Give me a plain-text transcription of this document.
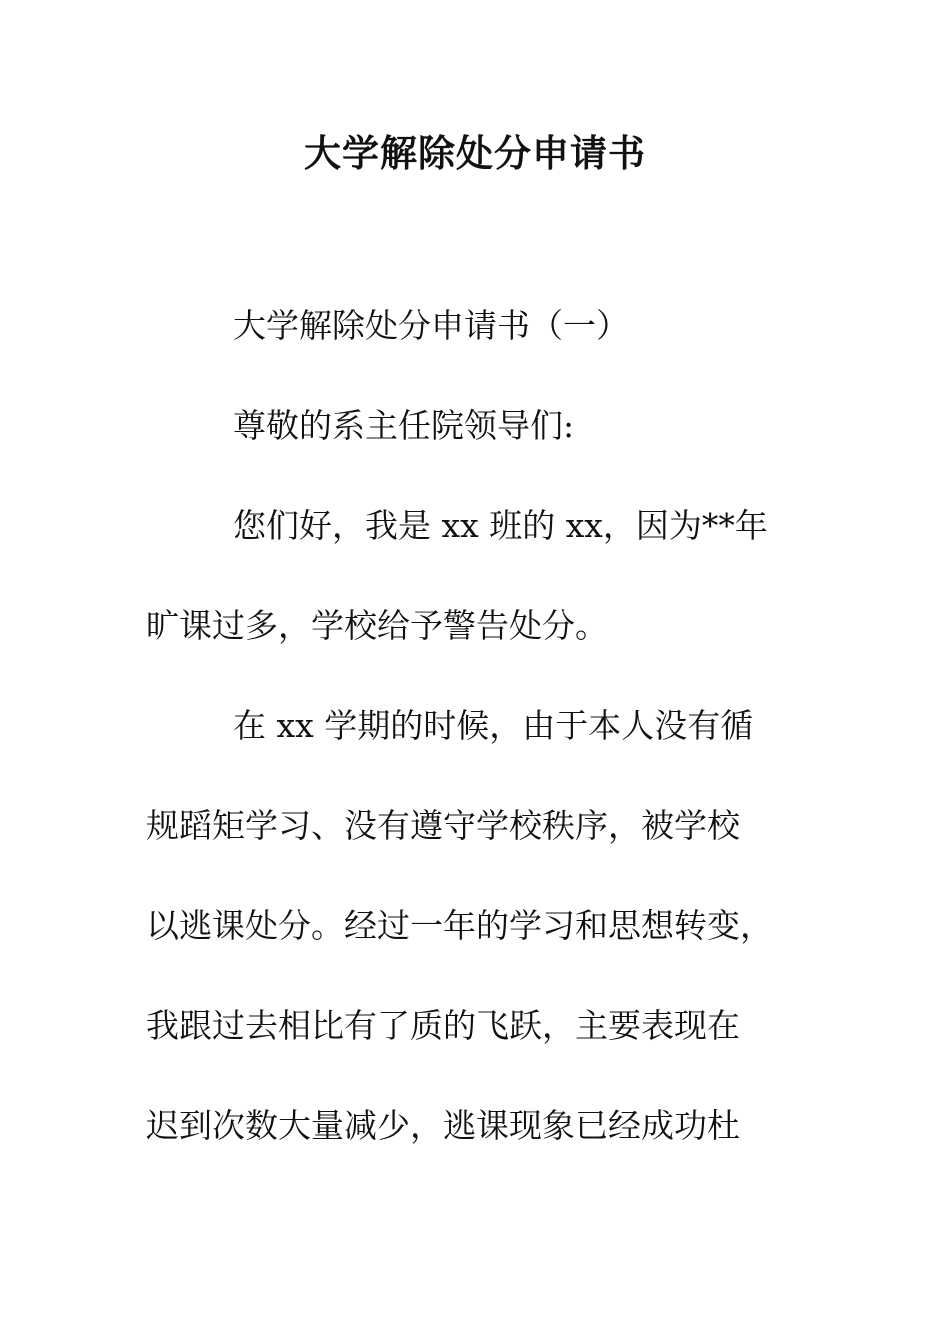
大学解除处分申请书
大学解除处分申请书（一）
尊敬的系主任院领导们:
您们好，我是 xx 班的 xx，因为**年
旷课过多，学校给予警告处分。
在 xx 学期的时候，由于本人没有循
规蹈矩学习、没有遵守学校秩序，被学校
以逃课处分。经过一年的学习和思想转变，
我跟过去相比有了质的飞跃，主要表现在
迟到次数大量减少，逃课现象已经成功杜
